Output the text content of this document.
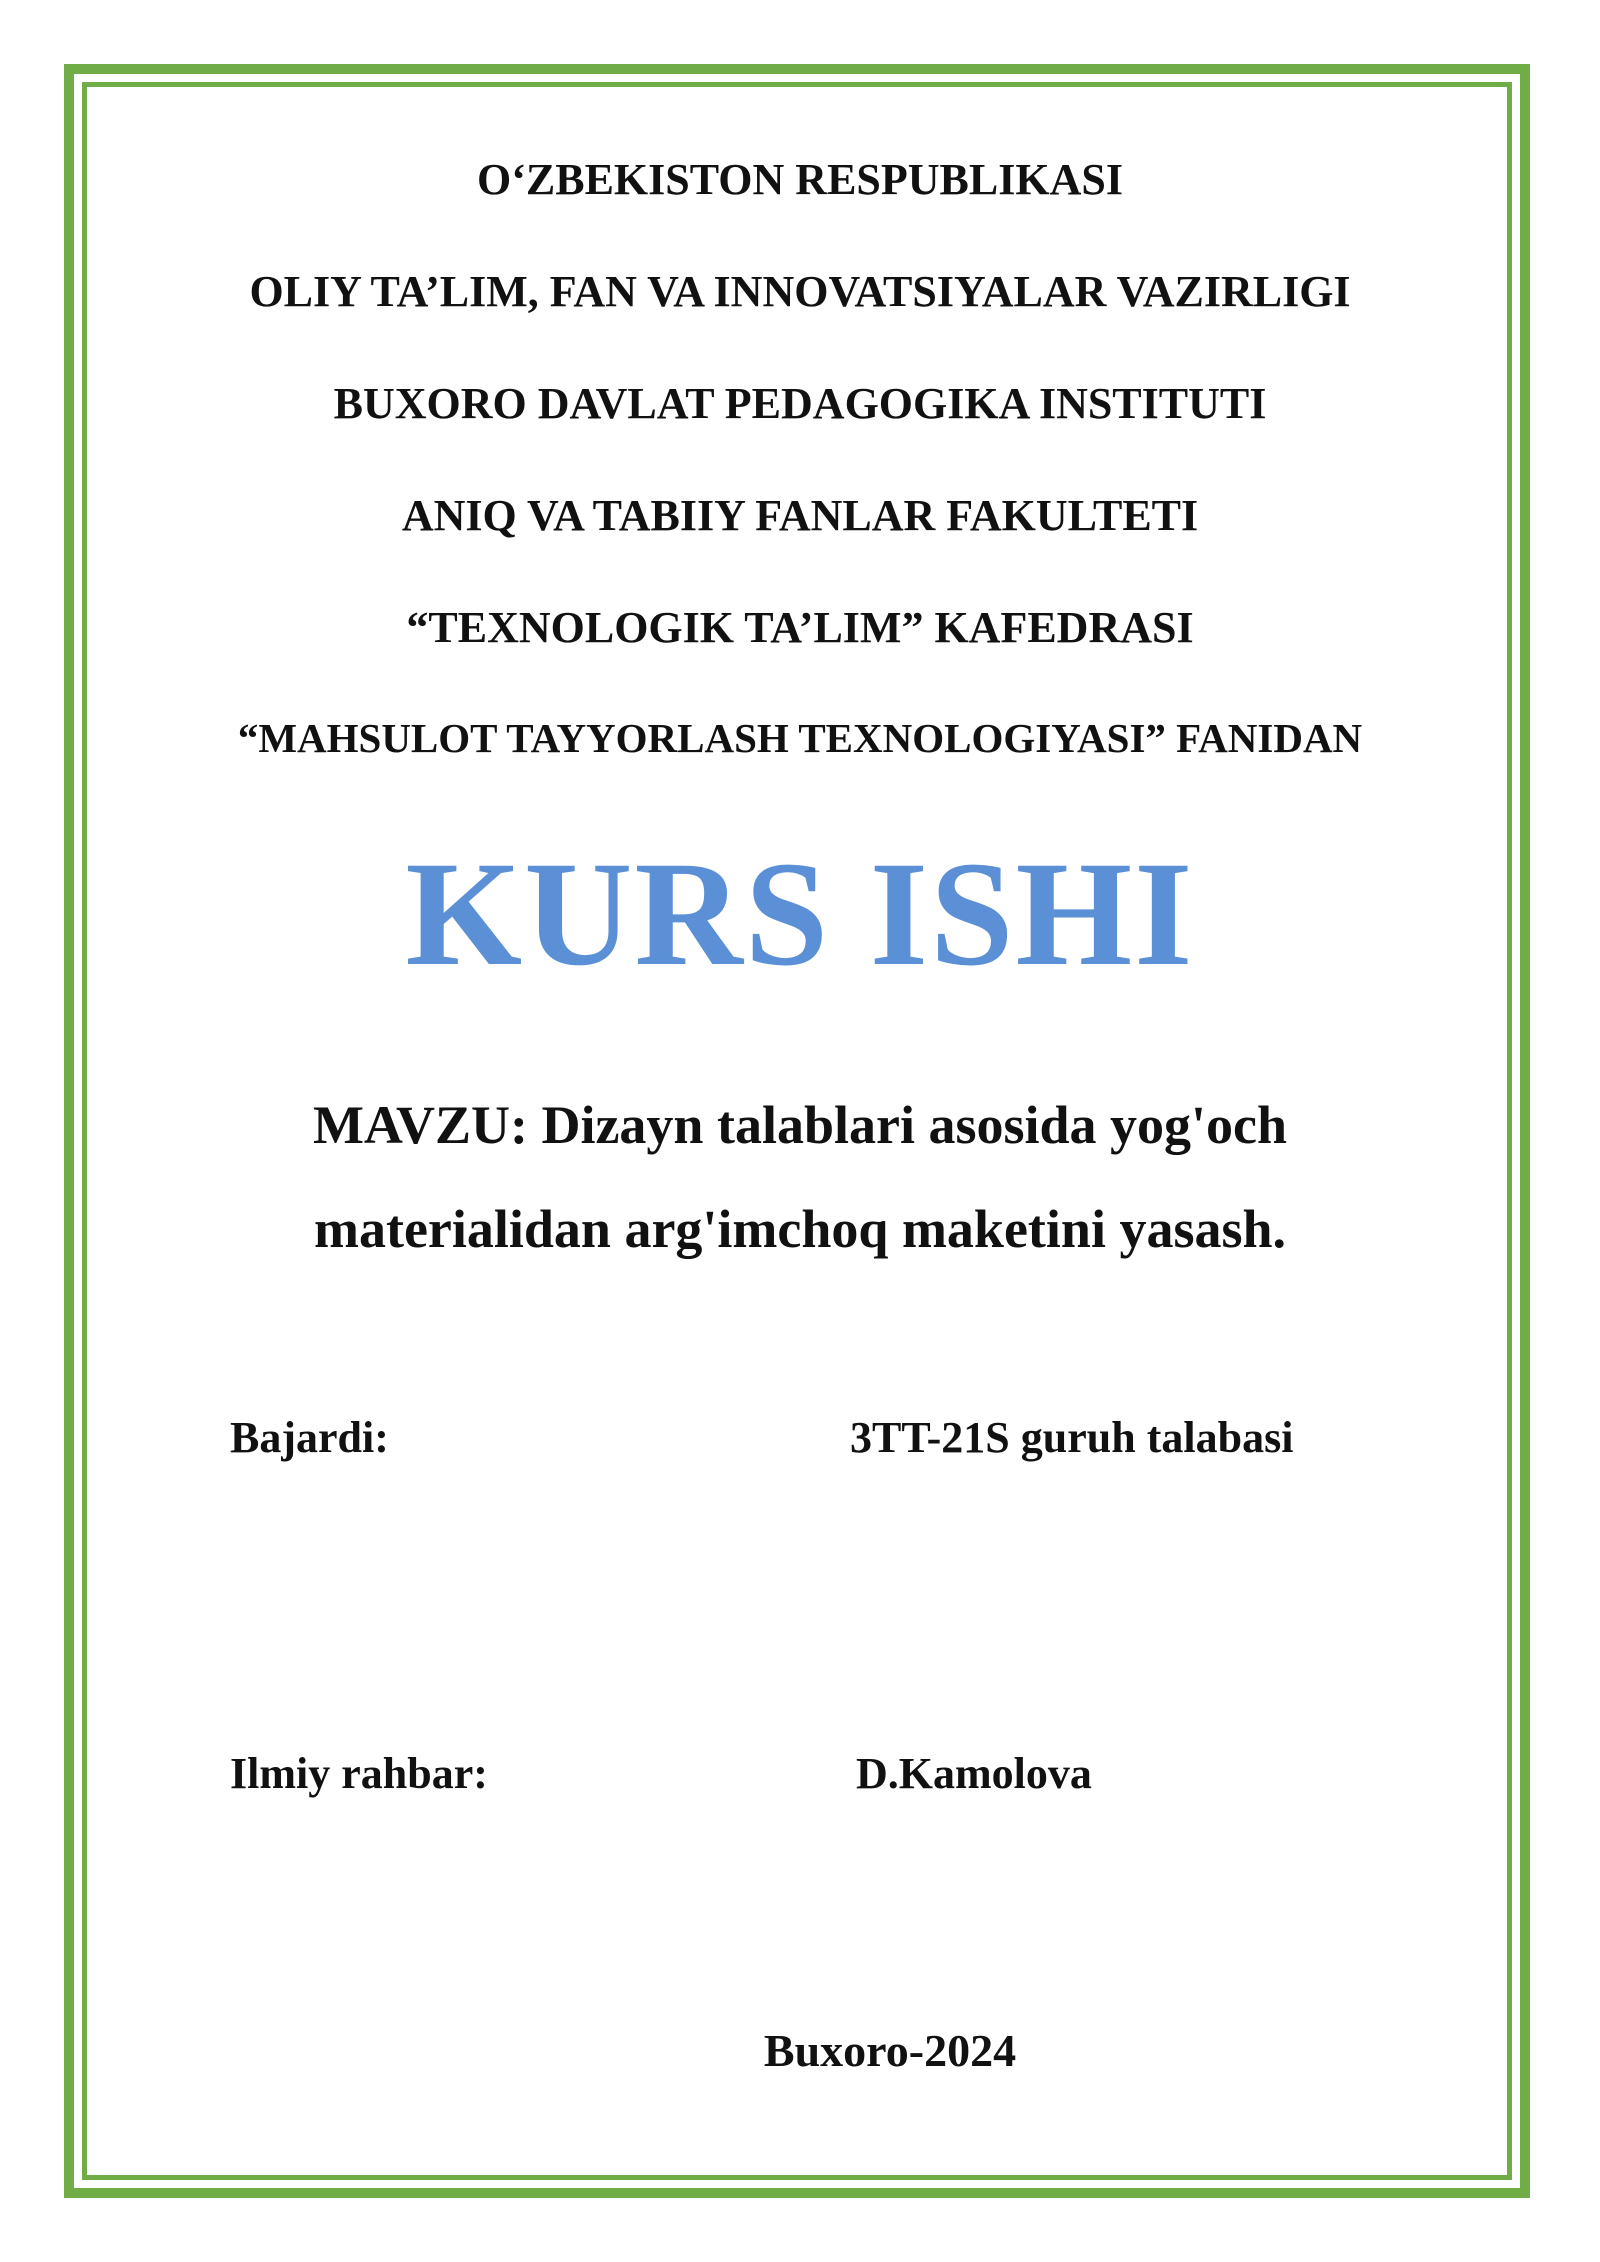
O‘ZBEKISTON RESPUBLIKASI
OLIY TA’LIM, FAN VA INNOVATSIYALAR VAZIRLIGI
BUXORO DAVLAT PEDAGOGIKA INSTITUTI
ANIQ VA TABIIY FANLAR FAKULTETI
“TEXNOLOGIK TA’LIM” KAFEDRASI
“MAHSULOT TAYYORLASH TEXNOLOGIYASI” FANIDAN
KURS ISHI
MAVZU: Dizayn talablari asosida yog'och
materialidan arg'imchoq maketini yasash.
Bajardi:	3TT-21S guruh talabasi
Ilmiy rahbar:	D.Kamolova
Buxoro-2024
